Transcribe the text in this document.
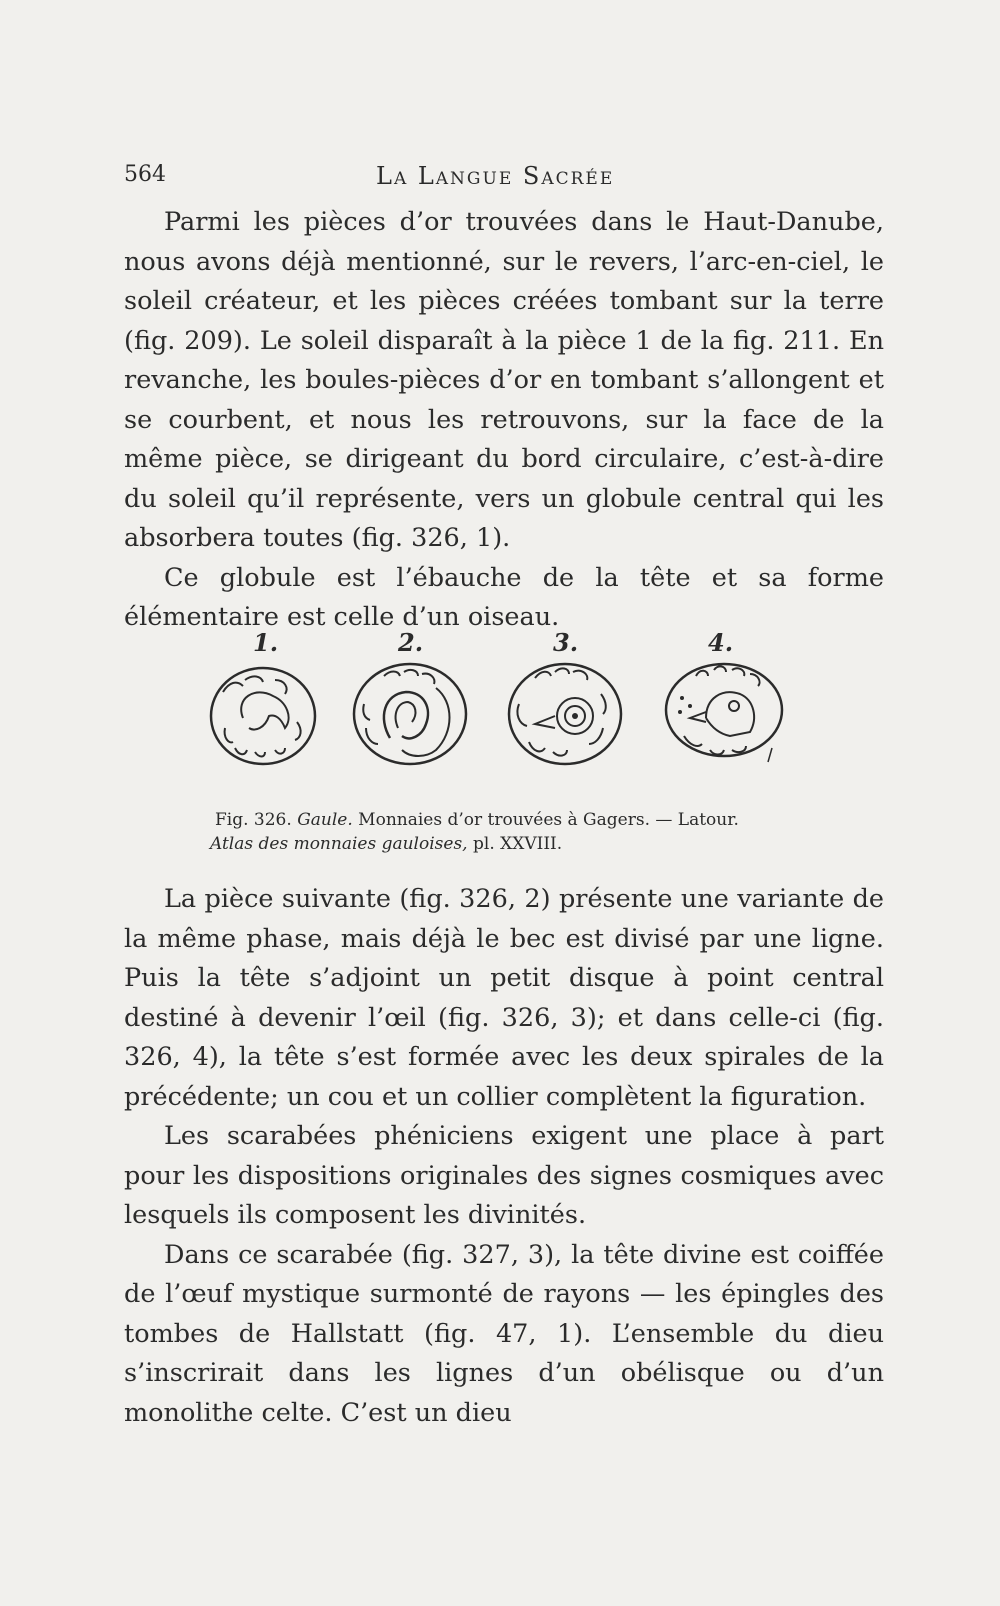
564	La Langue Sacrée

Parmi les pièces d’or trouvées dans le Haut-Danube, nous avons déjà mentionné, sur le revers, l’arc-en-ciel, le soleil créateur, et les pièces créées tombant sur la terre (fig. 209). Le soleil disparaît à la pièce 1 de la fig. 211. En revanche, les boules-pièces d’or en tombant s’allongent et se courbent, et nous les retrouvons, sur la face de la même pièce, se dirigeant du bord circulaire, c’est-à-dire du soleil qu’il représente, vers un globule central qui les absorbera toutes (fig. 326, 1).

Ce globule est l’ébauche de la tête et sa forme élémentaire est celle d’un oiseau.

1.	2.	3.	4.
Fig. 326. Gaule. Monnaies d’or trouvées à Gagers. — Latour.
Atlas des monnaies gauloises, pl. XXVIII.

La pièce suivante (fig. 326, 2) présente une variante de la même phase, mais déjà le bec est divisé par une ligne. Puis la tête s’adjoint un petit disque à point central destiné à devenir l’œil (fig. 326, 3); et dans celle-ci (fig. 326, 4), la tête s’est formée avec les deux spirales de la précédente; un cou et un collier complètent la figuration.

Les scarabées phéniciens exigent une place à part pour les dispositions originales des signes cosmiques avec lesquels ils composent les divinités.

Dans ce scarabée (fig. 327, 3), la tête divine est coiffée de l’œuf mystique surmonté de rayons — les épingles des tombes de Hallstatt (fig. 47, 1). L’ensemble du dieu s’inscrirait dans les lignes d’un obélisque ou d’un monolithe celte. C’est un dieu
